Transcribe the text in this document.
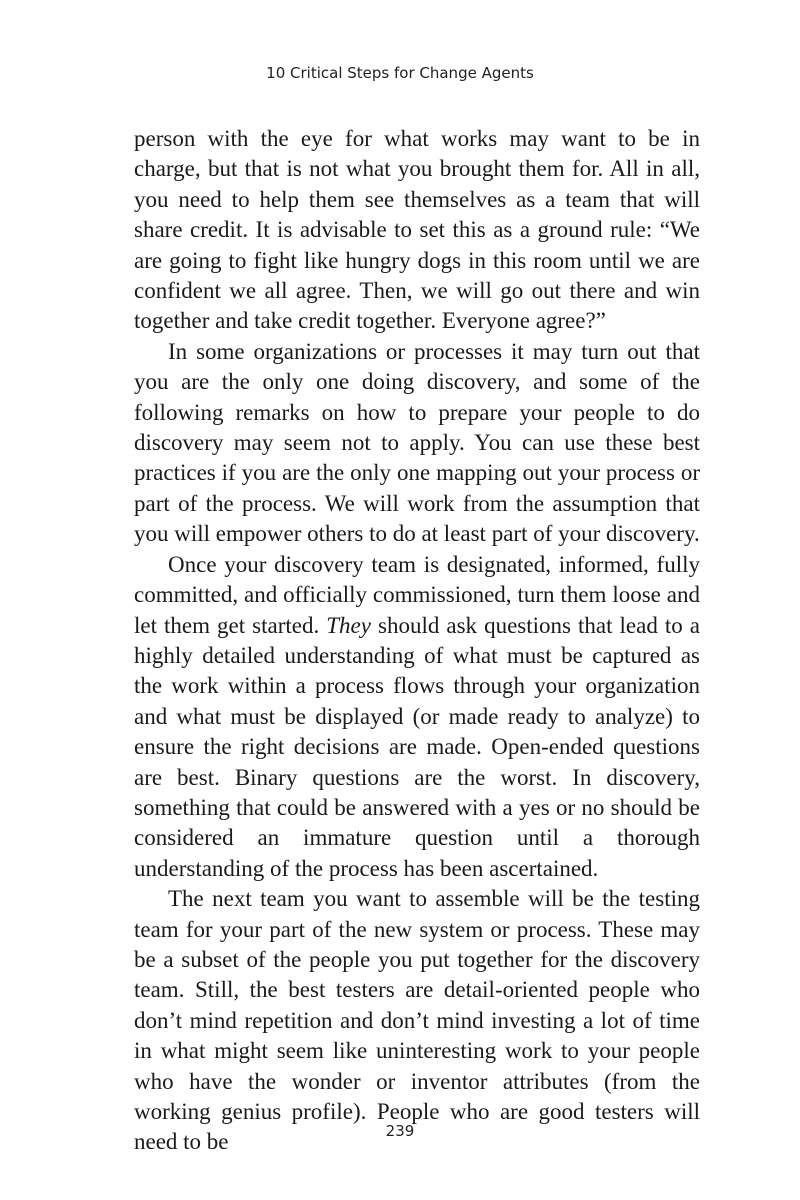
10 Critical Steps for Change Agents

person with the eye for what works may want to be in charge, but that is not what you brought them for. All in all, you need to help them see themselves as a team that will share credit. It is advisable to set this as a ground rule: “We are going to fight like hungry dogs in this room until we are confident we all agree. Then, we will go out there and win together and take credit together. Everyone agree?”

In some organizations or processes it may turn out that you are the only one doing discovery, and some of the following remarks on how to prepare your people to do discovery may seem not to apply. You can use these best practices if you are the only one mapping out your process or part of the process. We will work from the assumption that you will empower others to do at least part of your discovery.

Once your discovery team is designated, informed, fully committed, and officially commissioned, turn them loose and let them get started. They should ask questions that lead to a highly detailed understanding of what must be captured as the work within a process flows through your organization and what must be displayed (or made ready to analyze) to ensure the right decisions are made. Open-ended questions are best. Binary questions are the worst. In discovery, something that could be answered with a yes or no should be considered an immature question until a thorough understanding of the process has been ascertained.

The next team you want to assemble will be the testing team for your part of the new system or process. These may be a subset of the people you put together for the discovery team. Still, the best testers are detail-oriented people who don’t mind repetition and don’t mind investing a lot of time in what might seem like uninteresting work to your people who have the wonder or inventor attributes (from the working genius profile). People who are good testers will need to be	239
